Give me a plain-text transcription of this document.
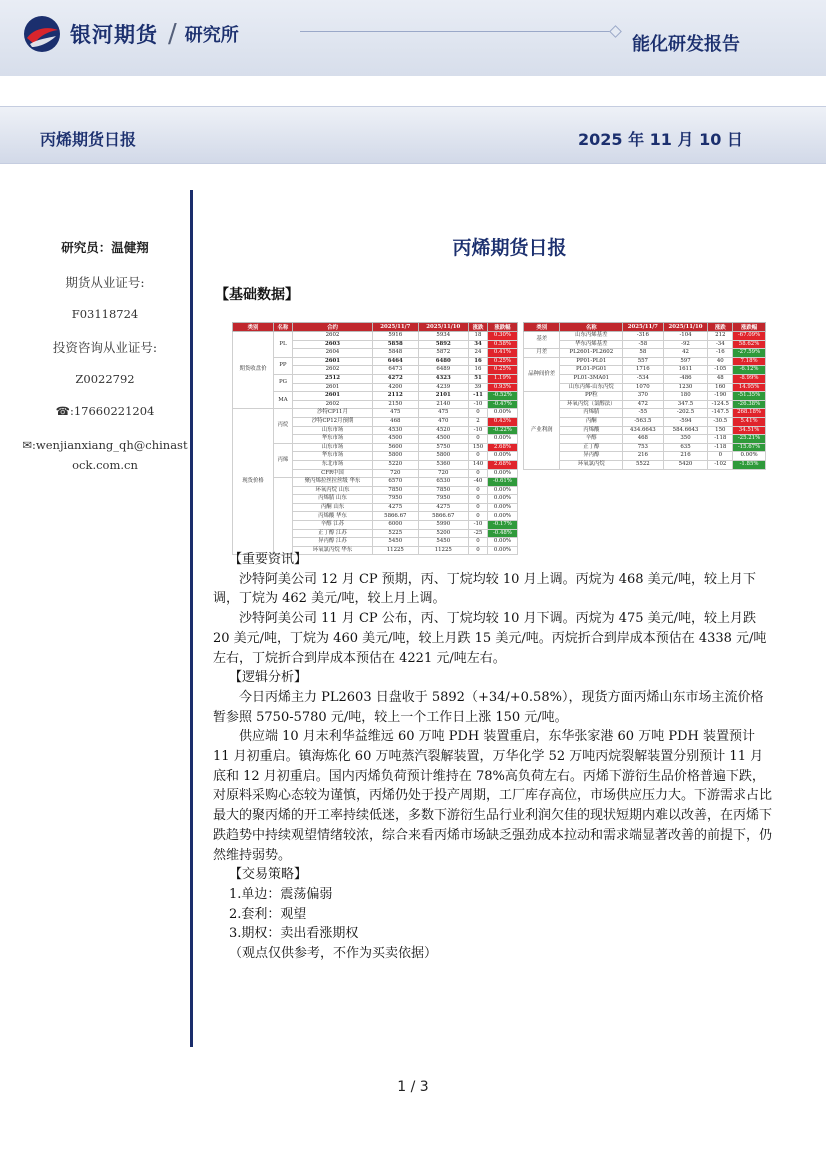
银河期货 / 研究所	能化研发报告
丙烯期货日报	2025 年 11 月 10 日
研究员：温健翔
期货从业证号:
F03118724
投资咨询从业证号:
Z0022792
☎:17660221204
✉:wenjianxiang_qh@chinastock.com.cn
丙烯期货日报
【基础数据】
类别	名称	合约	2025/11/7	2025/11/10	涨跌	涨跌幅
期货收盘价	PL	2602	5916	5934	18	0.30%
		2603	5858	5892	34	0.58%
		2604	5848	5872	24	0.41%
	PP	2601	6464	6480	16	0.25%
		2602	6473	6489	16	0.25%
	PG	2512	4272	4323	51	1.19%
		2601	4200	4239	39	0.93%
	MA	2601	2112	2101	-11	-0.52%
		2602	2150	2140	-10	-0.47%
现货价格	丙烷	沙特CP11月	475	475	0	0.00%
		沙特CP12月预期	468	470	2	0.43%
		山东市场	4530	4520	-10	-0.22%
		华东市场	4500	4500	0	0.00%
	丙烯	山东市场	5600	5750	150	2.68%
		华东市场	5800	5800	0	0.00%
		东北市场	5220	5360	140	2.68%
		CFR中国	720	720	0	0.00%
		聚丙烯拉丝拉丝级 华东	6570	6530	-40	-0.61%
		环氧丙烷 山东	7850	7850	0	0.00%
		丙烯腈 山东	7950	7950	0	0.00%
		丙酮 山东	4275	4275	0	0.00%
		丙烯酸 华东	5866.67	5866.67	0	0.00%
		辛醇 江苏	6000	5990	-10	-0.17%
		正丁醇 江苏	5225	5200	-25	-0.48%
		异丙醇 江苏	5450	5450	0	0.00%
		环氧氯丙烷 华东	11225	11225	0	0.00%
类别	名称	2025/11/7	2025/11/10	涨跌	涨跌幅
基差	山东丙烯基差	-316	-104	212	-67.09%
	华东丙烯基差	-58	-92	-34	58.62%
月差	PL2601-PL2602	58	42	-16	-27.59%
品种间价差	PP01-PL01	557	597	40	7.18%
	PL01-PG01	1716	1611	-105	-6.12%
	PL01-3MA01	-534	-486	48	-8.99%
	山东丙烯-山东丙烷	1070	1230	160	14.95%
产业利润	PP粒	370	180	-190	-51.35%
	环氧丙烷（氯醇法）	472	347.5	-124.5	-26.38%
	丙烯腈	-55	-202.5	-147.5	268.18%
	丙酮	-563.5	-594	-30.5	5.41%
	丙烯酸	434.6643	584.6643	150	34.51%
	辛醇	468	350	-118	-25.21%
	正丁醇	753	635	-118	-15.67%
	异丙醇	216	216	0	0.00%
	环氧氯丙烷	5522	5420	-102	-1.85%

【重要资讯】

沙特阿美公司 12 月 CP 预期，丙、丁烷均较 10 月上调。丙烷为 468 美元/吨，较上月下调，丁烷为 462 美元/吨，较上月上调。

沙特阿美公司 11 月 CP 公布，丙、丁烷均较 10 月下调。丙烷为 475 美元/吨，较上月跌 20 美元/吨，丁烷为 460 美元/吨，较上月跌 15 美元/吨。丙烷折合到岸成本预估在 4338 元/吨左右，丁烷折合到岸成本预估在 4221 元/吨左右。

【逻辑分析】

今日丙烯主力 PL2603 日盘收于 5892（+34/+0.58%），现货方面丙烯山东市场主流价格暂参照 5750-5780 元/吨，较上一个工作日上涨 150 元/吨。

供应端 10 月末利华益维远 60 万吨 PDH 装置重启，东华张家港 60 万吨 PDH 装置预计 11 月初重启。镇海炼化 60 万吨蒸汽裂解装置，万华化学 52 万吨丙烷裂解装置分别预计 11 月底和 12 月初重启。国内丙烯负荷预计维持在 78%高负荷左右。丙烯下游衍生品价格普遍下跌，对原料采购心态较为谨慎，丙烯仍处于投产周期，工厂库存高位，市场供应压力大。下游需求占比最大的聚丙烯的开工率持续低迷，多数下游衍生品行业利润欠佳的现状短期内难以改善，在丙烯下跌趋势中持续观望情绪较浓，综合来看丙烯市场缺乏强劲成本拉动和需求端显著改善的前提下，仍然维持弱势。

【交易策略】

1.单边：震荡偏弱

2.套利：观望

3.期权：卖出看涨期权

（观点仅供参考，不作为买卖依据）

1 / 3
